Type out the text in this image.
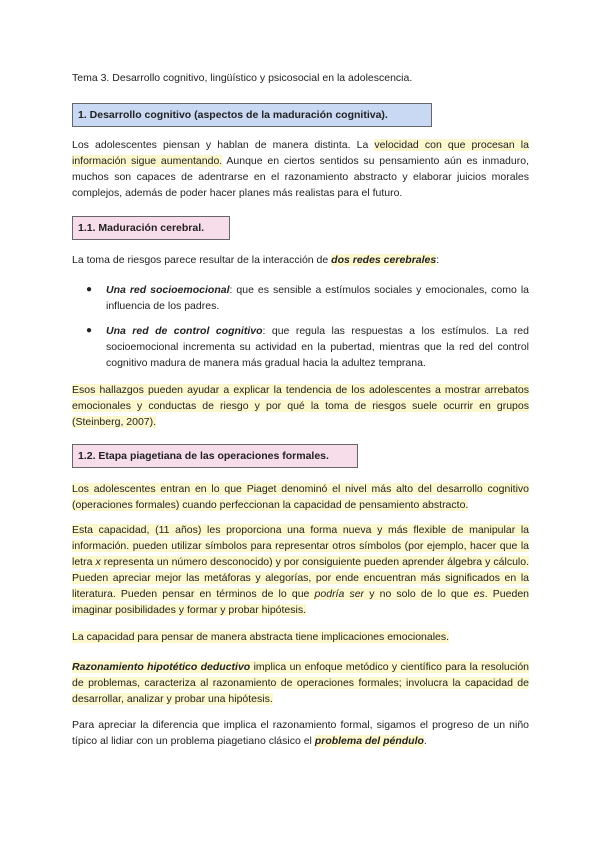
Tema 3. Desarrollo cognitivo, lingüístico y psicosocial en la adolescencia.

1. Desarrollo cognitivo (aspectos de la maduración cognitiva).

Los adolescentes piensan y hablan de manera distinta. La velocidad con que procesan la información sigue aumentando. Aunque en ciertos sentidos su pensamiento aún es inmaduro, muchos son capaces de adentrarse en el razonamiento abstracto y elaborar juicios morales complejos, además de poder hacer planes más realistas para el futuro.

1.1. Maduración cerebral.

La toma de riesgos parece resultar de la interacción de dos redes cerebrales:

● Una red socioemocional: que es sensible a estímulos sociales y emocionales, como la influencia de los padres.
● Una red de control cognitivo: que regula las respuestas a los estímulos. La red socioemocional incrementa su actividad en la pubertad, mientras que la red del control cognitivo madura de manera más gradual hacia la adultez temprana.

Esos hallazgos pueden ayudar a explicar la tendencia de los adolescentes a mostrar arrebatos emocionales y conductas de riesgo y por qué la toma de riesgos suele ocurrir en grupos (Steinberg, 2007).

1.2. Etapa piagetiana de las operaciones formales.

Los adolescentes entran en lo que Piaget denominó el nivel más alto del desarrollo cognitivo (operaciones formales) cuando perfeccionan la capacidad de pensamiento abstracto.

Esta capacidad, (11 años) les proporciona una forma nueva y más flexible de manipular la información. pueden utilizar símbolos para representar otros símbolos (por ejemplo, hacer que la letra x representa un número desconocido) y por consiguiente pueden aprender álgebra y cálculo. Pueden apreciar mejor las metáforas y alegorías, por ende encuentran más significados en la literatura. Pueden pensar en términos de lo que podría ser y no solo de lo que es. Pueden imaginar posibilidades y formar y probar hipótesis.

La capacidad para pensar de manera abstracta tiene implicaciones emocionales.

Razonamiento hipotético deductivo implica un enfoque metódico y científico para la resolución de problemas, caracteriza al razonamiento de operaciones formales; involucra la capacidad de desarrollar, analizar y probar una hipótesis.

Para apreciar la diferencia que implica el razonamiento formal, sigamos el progreso de un niño típico al lidiar con un problema piagetiano clásico el problema del péndulo.
